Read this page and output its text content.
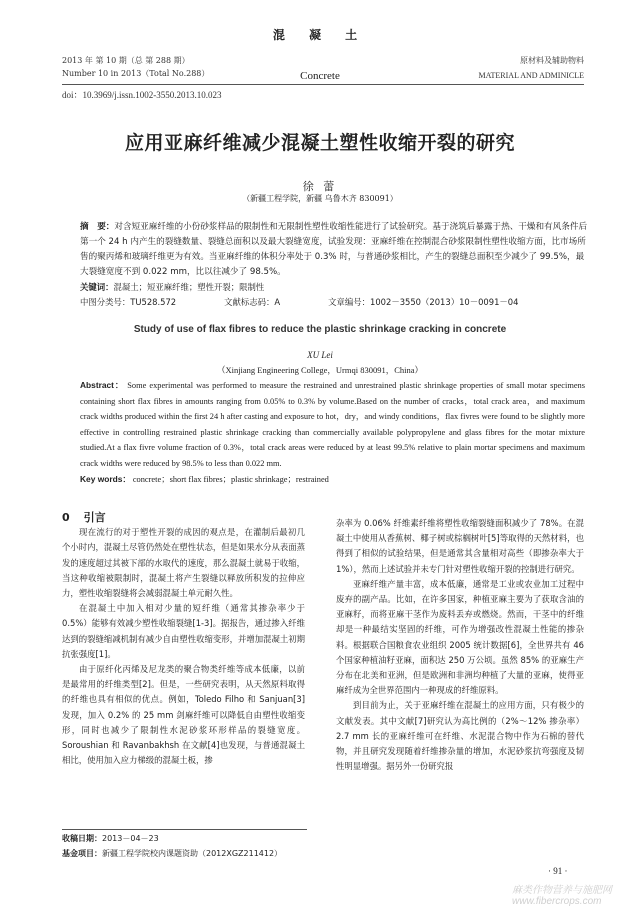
2013 年 第 10 期（总 第 288 期）
Number 10 in 2013（Total No.288）
混 凝 土
Concrete
原材料及辅助物料
MATERIAL AND ADMINICLE
doi：10.3969/j.issn.1002-3550.2013.10.023
应用亚麻纤维减少混凝土塑性收缩开裂的研究
徐 蕾
（新疆工程学院，新疆 乌鲁木齐 830091）
摘　要：对含短亚麻纤维的小份砂浆样品的限制性和无限制性塑性收缩性能进行了试验研究。基于浇筑后暴露于热、干燥和有风条件后第一个 24 h 内产生的裂缝数量、裂缝总面积以及最大裂缝宽度，试验发现：亚麻纤维在控制混合砂浆限制性塑性收缩方面，比市场所售的聚丙烯和玻璃纤维更为有效。当亚麻纤维的体积分率处于 0.3% 时，与普通砂浆相比，产生的裂缝总面积至少减少了 99.5%，最大裂缝宽度不到 0.022 mm，比以往减少了 98.5%。
关键词：混凝土；短亚麻纤维；塑性开裂；限制性
中图分类号：TU528.572	文献标志码：A	文章编号：1002－3550（2013）10－0091－04
Study of use of flax fibres to reduce the plastic shrinkage cracking in concrete
XU Lei
（Xinjiang Engineering College，Urmqi 830091，China）
Abstract： Some experimental was performed to measure the restrained and unrestrained plastic shrinkage properties of small motar specimens containing short flax fibres in amounts ranging from 0.05% to 0.3% by volume.Based on the number of cracks，total crack area，and maximum crack widths produced within the first 24 h after casting and exposure to hot，dry，and windy conditions，flax fivres were found to be slightly more effective in controlling restrained plastic shrinkage cracking than commercially available polypropylene and glass fibres for the motar mixture studied.At a flax fivre volume fraction of 0.3%，total crack areas were reduced by at least 99.5% relative to plain mortar specimens and maximum crack widths were reduced by 98.5% to less than 0.022 mm.
Key words： concrete；short flax fibres；plastic shrinkage；restrained

0 引言

现在流行的对于塑性开裂的成因的观点是，在灌制后最初几个小时内，混凝土尽管仍然处在塑性状态，但是如果水分从表面蒸发的速度超过其被下部的水取代的速度，那么混凝土就易于收缩，当这种收缩被限制时，混凝土将产生裂缝以释放所积发的拉伸应力，塑性收缩裂缝将会减弱混凝土单元耐久性。

在混凝土中加入相对少量的短纤维（通常其掺杂率少于 0.5%）能够有效减少塑性收缩裂缝[1-3]。据报告，通过掺入纤维达到的裂缝缩减机制有减少自由塑性收缩变形，并增加混凝土初期抗张强度[1]。

由于原纤化丙烯及尼龙类的聚合物类纤维等成本低廉，以前是最常用的纤维类型[2]。但是，一些研究表明，从天然原料取得的纤维也具有相似的优点。例如，Toledo Filho 和 Sanjuan[3] 发现，加入 0.2% 的 25 mm 剑麻纤维可以降低自由塑性收缩变形，同时也减少了限制性水泥砂浆环形样品的裂缝宽度。Soroushian 和 Ravanbakhsh 在文献[4]也发现，与普通混凝土相比，使用加入应力梯级的混凝土板，掺

杂率为 0.06% 纤维素纤维将塑性收缩裂缝面积减少了 78%。在混凝土中使用从香蕉树、椰子树或棕榈树叶[5]等取得的天然材料，也得到了相似的试验结果，但是通常其含量相对高些（即掺杂率大于 1%），然而上述试验并未专门针对塑性收缩开裂的控制进行研究。

亚麻纤维产量丰富，成本低廉，通常是工业或农业加工过程中废弃的副产品。比如，在许多国家，种植亚麻主要为了获取含油的亚麻籽，而将亚麻干茎作为废料丢弃或燃烧。然而，干茎中的纤维却是一种最结实坚固的纤维，可作为增强改性混凝土性能的掺杂料。根据联合国粮食农业组织 2005 统计数据[6]，全世界共有 46 个国家种植油籽亚麻，面积达 250 万公顷。虽然 85% 的亚麻生产分布在北美和亚洲，但是欧洲和非洲均种植了大量的亚麻，使得亚麻纤成为全世界范围内一种现成的纤维原料。

到目前为止，关于亚麻纤维在混凝土的应用方面，只有极少的文献发表。其中文献[7]研究认为高比例的（2%～12% 掺杂率）2.7 mm 长的亚麻纤维可在纤维、水泥混合物中作为石棉的替代物，并且研究发现随着纤维掺杂量的增加，水泥砂浆抗弯强度及韧性明显增强。据另外一份研究报

收稿日期：2013－04－23
基金项目：新疆工程学院校内课题资助（2012XGZ211412）
· 91 ·
麻类作物营养与施肥网 www.fibercrops.com
